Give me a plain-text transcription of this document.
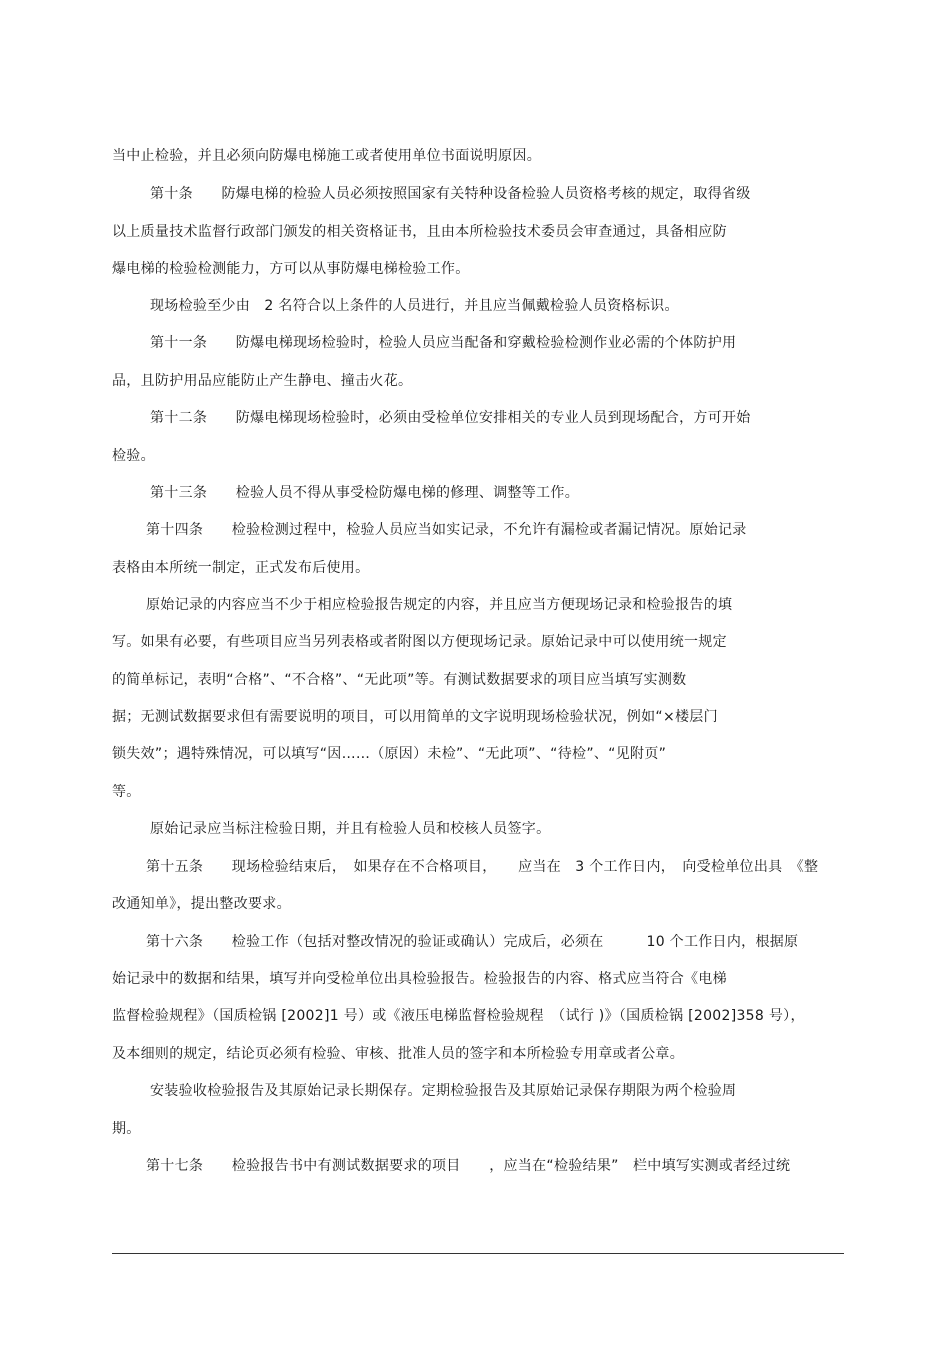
当中止检验，并且必须向防爆电梯施工或者使用单位书面说明原因。
第十条　　防爆电梯的检验人员必须按照国家有关特种设备检验人员资格考核的规定，取得省级
以上质量技术监督行政部门颁发的相关资格证书，且由本所检验技术委员会审查通过，具备相应防
爆电梯的检验检测能力，方可以从事防爆电梯检验工作。
现场检验至少由　2 名符合以上条件的人员进行，并且应当佩戴检验人员资格标识。
第十一条　　防爆电梯现场检验时，检验人员应当配备和穿戴检验检测作业必需的个体防护用
品，且防护用品应能防止产生静电、撞击火花。
第十二条　　防爆电梯现场检验时，必须由受检单位安排相关的专业人员到现场配合，方可开始
检验。
第十三条　　检验人员不得从事受检防爆电梯的修理、调整等工作。
第十四条　　检验检测过程中，检验人员应当如实记录，不允许有漏检或者漏记情况。原始记录
表格由本所统一制定，正式发布后使用。
原始记录的内容应当不少于相应检验报告规定的内容，并且应当方便现场记录和检验报告的填
写。如果有必要，有些项目应当另列表格或者附图以方便现场记录。原始记录中可以使用统一规定
的简单标记，表明“合格”、“不合格”、“无此项”等。有测试数据要求的项目应当填写实测数
据；无测试数据要求但有需要说明的项目，可以用简单的文字说明现场检验状况，例如“×楼层门
锁失效”；遇特殊情况，可以填写“因……（原因）未检”、“无此项”、“待检”、“见附页”
等。
原始记录应当标注检验日期，并且有检验人员和校核人员签字。
第十五条　　现场检验结束后，　如果存在不合格项目，　　应当在　3 个工作日内，　向受检单位出具　《整
改通知单》，提出整改要求。
第十六条　　检验工作（包括对整改情况的验证或确认）完成后，必须在　　　10 个工作日内，根据原
始记录中的数据和结果，填写并向受检单位出具检验报告。检验报告的内容、格式应当符合《电梯
监督检验规程》（国质检锅 [2002]1 号）或《液压电梯监督检验规程　（试行 )》（国质检锅 [2002]358 号），
及本细则的规定，结论页必须有检验、审核、批准人员的签字和本所检验专用章或者公章。
安装验收检验报告及其原始记录长期保存。定期检验报告及其原始记录保存期限为两个检验周
期。
第十七条　　检验报告书中有测试数据要求的项目　　，应当在“检验结果”　栏中填写实测或者经过统
